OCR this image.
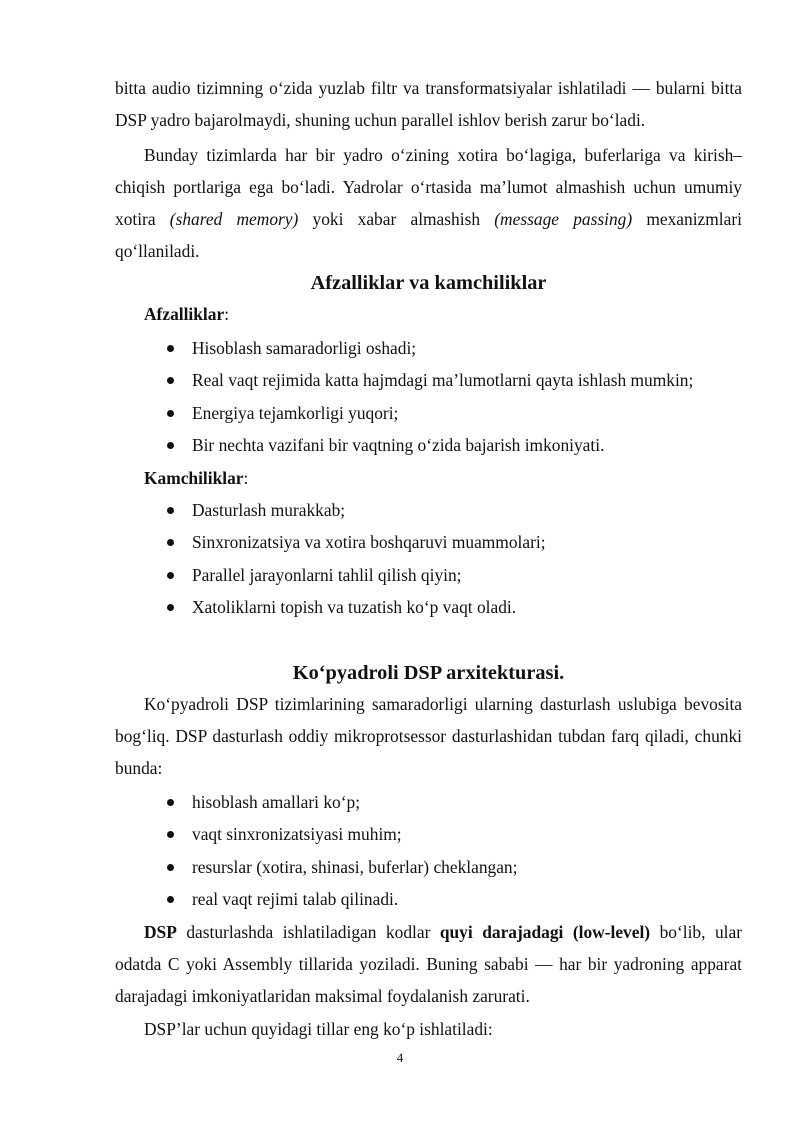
bitta audio tizimning o‘zida yuzlab filtr va transformatsiyalar ishlatiladi — bularni bitta DSP yadro bajarolmaydi, shuning uchun parallel ishlov berish zarur bo‘ladi.

Bunday tizimlarda har bir yadro o‘zining xotira bo‘lagiga, buferlariga va kirish–chiqish portlariga ega bo‘ladi. Yadrolar o‘rtasida ma’lumot almashish uchun umumiy xotira (shared memory) yoki xabar almashish (message passing) mexanizmlari qo‘llaniladi.

Afzalliklar va kamchiliklar

Afzalliklar:

Hisoblash samaradorligi oshadi;
Real vaqt rejimida katta hajmdagi ma’lumotlarni qayta ishlash mumkin;
Energiya tejamkorligi yuqori;
Bir nechta vazifani bir vaqtning o‘zida bajarish imkoniyati.

Kamchiliklar:

Dasturlash murakkab;
Sinxronizatsiya va xotira boshqaruvi muammolari;
Parallel jarayonlarni tahlil qilish qiyin;
Xatoliklarni topish va tuzatish ko‘p vaqt oladi.
Ko‘pyadroli DSP arxitekturasi.

Ko‘pyadroli DSP tizimlarining samaradorligi ularning dasturlash uslubiga bevosita bog‘liq. DSP dasturlash oddiy mikroprotsessor dasturlashidan tubdan farq qiladi, chunki bunda:

hisoblash amallari ko‘p;
vaqt sinxronizatsiyasi muhim;
resurslar (xotira, shinasi, buferlar) cheklangan;
real vaqt rejimi talab qilinadi.

DSP dasturlashda ishlatiladigan kodlar quyi darajadagi (low-level) bo‘lib, ular odatda C yoki Assembly tillarida yoziladi. Buning sababi — har bir yadroning apparat darajadagi imkoniyatlaridan maksimal foydalanish zarurati.

DSP’lar uchun quyidagi tillar eng ko‘p ishlatiladi:

4
